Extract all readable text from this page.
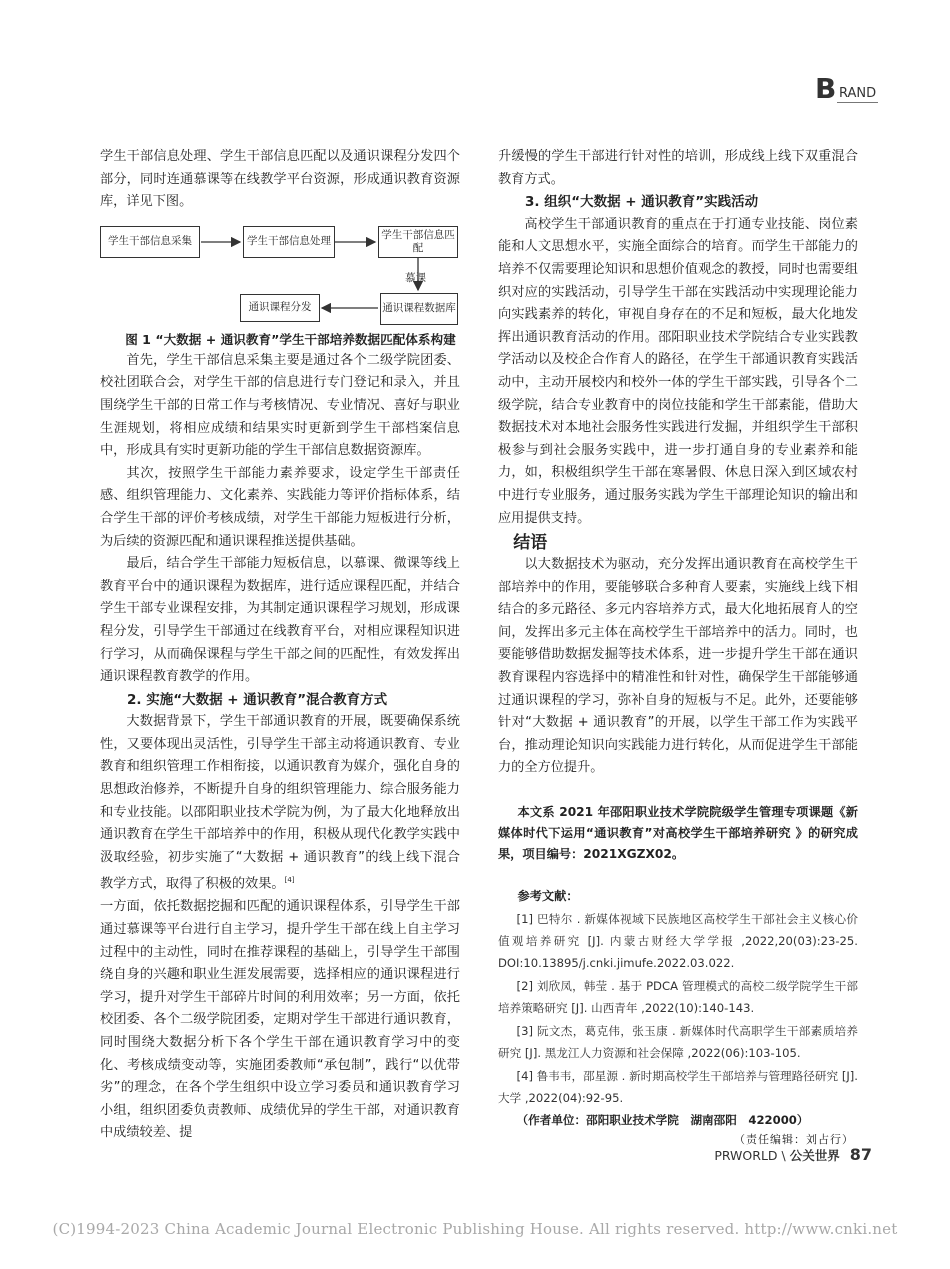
B RAND

学生干部信息处理、学生干部信息匹配以及通识课程分发四个部分，同时连通慕课等在线教学平台资源，形成通识教育资源库，详见下图。

学生干部信息采集	学生干部信息处理
学生干部信息匹配
慕课
通识课程数据库
通识课程分发

图 1 “大数据 + 通识教育”学生干部培养数据匹配体系构建

首先，学生干部信息采集主要是通过各个二级学院团委、校社团联合会，对学生干部的信息进行专门登记和录入，并且围绕学生干部的日常工作与考核情况、专业情况、喜好与职业生涯规划，将相应成绩和结果实时更新到学生干部档案信息中，形成具有实时更新功能的学生干部信息数据资源库。

其次，按照学生干部能力素养要求，设定学生干部责任感、组织管理能力、文化素养、实践能力等评价指标体系，结合学生干部的评价考核成绩，对学生干部能力短板进行分析，为后续的资源匹配和通识课程推送提供基础。

最后，结合学生干部能力短板信息，以慕课、微课等线上教育平台中的通识课程为数据库，进行适应课程匹配，并结合学生干部专业课程安排，为其制定通识课程学习规划，形成课程分发，引导学生干部通过在线教育平台，对相应课程知识进行学习，从而确保课程与学生干部之间的匹配性，有效发挥出通识课程教育教学的作用。

2. 实施“大数据 + 通识教育”混合教育方式

大数据背景下，学生干部通识教育的开展，既要确保系统性，又要体现出灵活性，引导学生干部主动将通识教育、专业教育和组织管理工作相衔接，以通识教育为媒介，强化自身的思想政治修养，不断提升自身的组织管理能力、综合服务能力和专业技能。以邵阳职业技术学院为例，为了最大化地释放出通识教育在学生干部培养中的作用，积极从现代化教学实践中汲取经验，初步实施了“大数据 + 通识教育”的线上线下混合教学方式，取得了积极的效果。[4]

一方面，依托数据挖掘和匹配的通识课程体系，引导学生干部通过慕课等平台进行自主学习，提升学生干部在线上自主学习过程中的主动性，同时在推荐课程的基础上，引导学生干部围绕自身的兴趣和职业生涯发展需要，选择相应的通识课程进行学习，提升对学生干部碎片时间的利用效率；另一方面，依托校团委、各个二级学院团委，定期对学生干部进行通识教育，同时围绕大数据分析下各个学生干部在通识教育学习中的变化、考核成绩变动等，实施团委教师“承包制”，践行“以优带劣”的理念，在各个学生组织中设立学习委员和通识教育学习小组，组织团委负责教师、成绩优异的学生干部，对通识教育中成绩较差、提

升缓慢的学生干部进行针对性的培训，形成线上线下双重混合教育方式。

3. 组织“大数据 + 通识教育”实践活动

高校学生干部通识教育的重点在于打通专业技能、岗位素能和人文思想水平，实施全面综合的培育。而学生干部能力的培养不仅需要理论知识和思想价值观念的教授，同时也需要组织对应的实践活动，引导学生干部在实践活动中实现理论能力向实践素养的转化，审视自身存在的不足和短板，最大化地发挥出通识教育活动的作用。邵阳职业技术学院结合专业实践教学活动以及校企合作育人的路径，在学生干部通识教育实践活动中，主动开展校内和校外一体的学生干部实践，引导各个二级学院，结合专业教育中的岗位技能和学生干部素能，借助大数据技术对本地社会服务性实践进行发掘，并组织学生干部积极参与到社会服务实践中，进一步打通自身的专业素养和能力，如，积极组织学生干部在寒暑假、休息日深入到区域农村中进行专业服务，通过服务实践为学生干部理论知识的输出和应用提供支持。

结语

以大数据技术为驱动，充分发挥出通识教育在高校学生干部培养中的作用，要能够联合多种育人要素，实施线上线下相结合的多元路径、多元内容培养方式，最大化地拓展育人的空间，发挥出多元主体在高校学生干部培养中的活力。同时，也要能够借助数据发掘等技术体系，进一步提升学生干部在通识教育课程内容选择中的精准性和针对性，确保学生干部能够通过通识课程的学习，弥补自身的短板与不足。此外，还要能够针对“大数据 + 通识教育”的开展，以学生干部工作为实践平台，推动理论知识向实践能力进行转化，从而促进学生干部能力的全方位提升。

本文系 2021 年邵阳职业技术学院院级学生管理专项课题《新媒体时代下运用“通识教育”对高校学生干部培养研究 》的研究成果，项目编号：2021XGZX02。
参考文献：
[1] 巴特尔 . 新媒体视域下民族地区高校学生干部社会主义核心价值观培养研究 [J]. 内蒙古财经大学学报 ,2022,20(03):23-25. DOI:10.13895/j.cnki.jimufe.2022.03.022.
[2] 刘欣凤，韩莹 . 基于 PDCA 管理模式的高校二级学院学生干部培养策略研究 [J]. 山西青年 ,2022(10):140-143.
[3] 阮文杰，葛克伟，张玉康 . 新媒体时代高职学生干部素质培养研究 [J]. 黑龙江人力资源和社会保障 ,2022(06):103-105.
[4] 鲁韦韦，邵星源 . 新时期高校学生干部培养与管理路径研究 [J]. 大学 ,2022(04):92-95.
（作者单位：邵阳职业技术学院　湖南邵阳　422000）
（责任编辑：刘占行）
PRWORLD \ 公关世界 87
(C)1994-2023 China Academic Journal Electronic Publishing House. All rights reserved. http://www.cnki.net
